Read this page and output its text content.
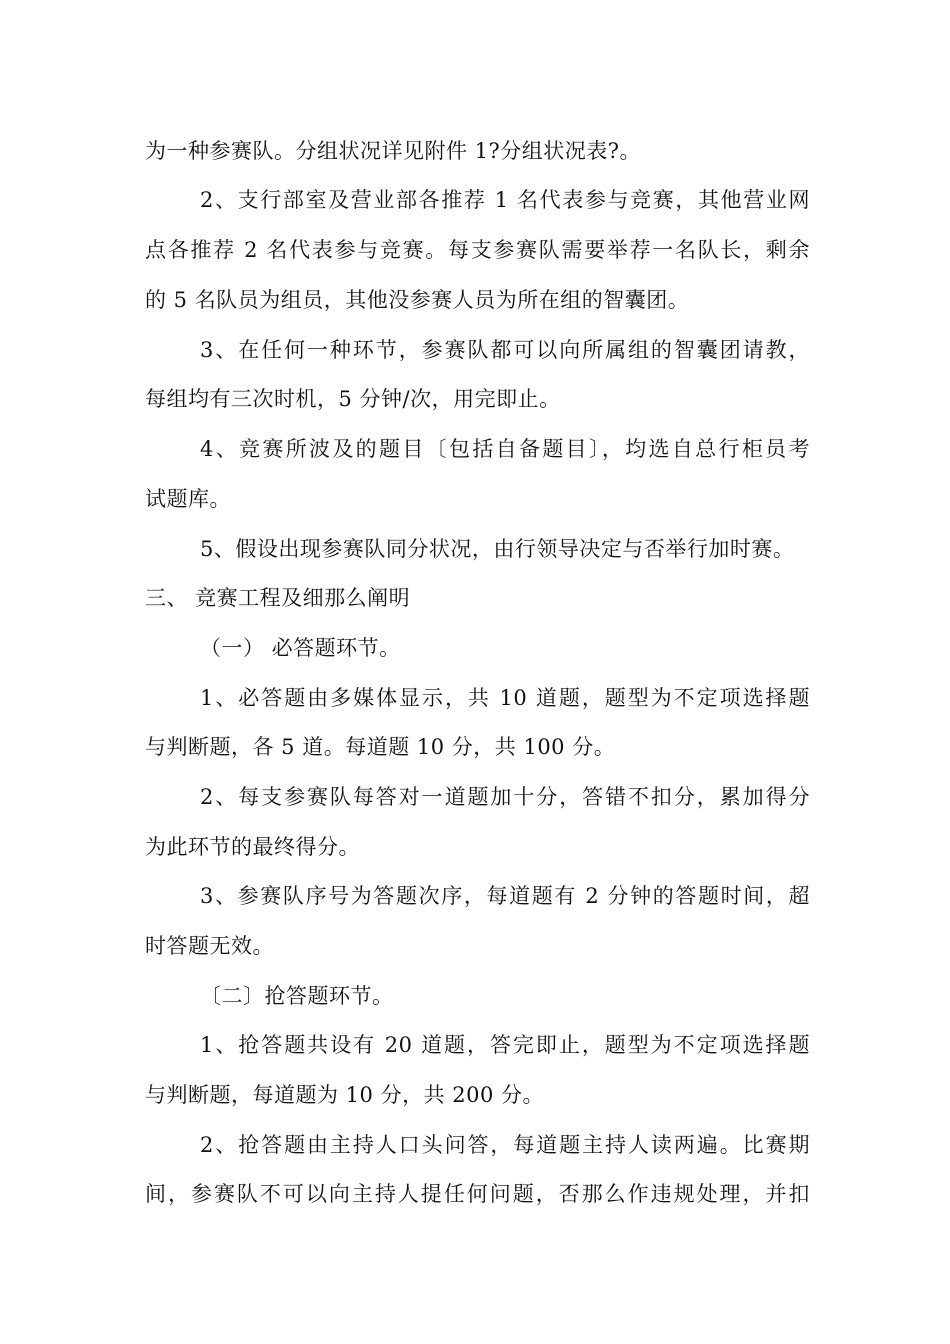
为一种参赛队。分组状况详见附件 1?分组状况表?。
2、支行部室及营业部各推荐 1 名代表参与竞赛，其他营业网
点各推荐 2 名代表参与竞赛。每支参赛队需要举荐一名队长，剩余
的 5 名队员为组员，其他没参赛人员为所在组的智囊团。
3、在任何一种环节，参赛队都可以向所属组的智囊团请教，
每组均有三次时机，5 分钟/次，用完即止。
4、竞赛所波及的题目〔包括自备题目〕，均选自总行柜员考
试题库。
5、假设出现参赛队同分状况，由行领导决定与否举行加时赛。
三、 竞赛工程及细那么阐明
（一） 必答题环节。
1、必答题由多媒体显示，共 10 道题，题型为不定项选择题
与判断题，各 5 道。每道题 10 分，共 100 分。
2、每支参赛队每答对一道题加十分，答错不扣分，累加得分
为此环节的最终得分。
3、参赛队序号为答题次序，每道题有 2 分钟的答题时间，超
时答题无效。
〔二〕抢答题环节。
1、抢答题共设有 20 道题，答完即止，题型为不定项选择题
与判断题，每道题为 10 分，共 200 分。
2、抢答题由主持人口头问答，每道题主持人读两遍。比赛期
间，参赛队不可以向主持人提任何问题，否那么作违规处理，并扣
